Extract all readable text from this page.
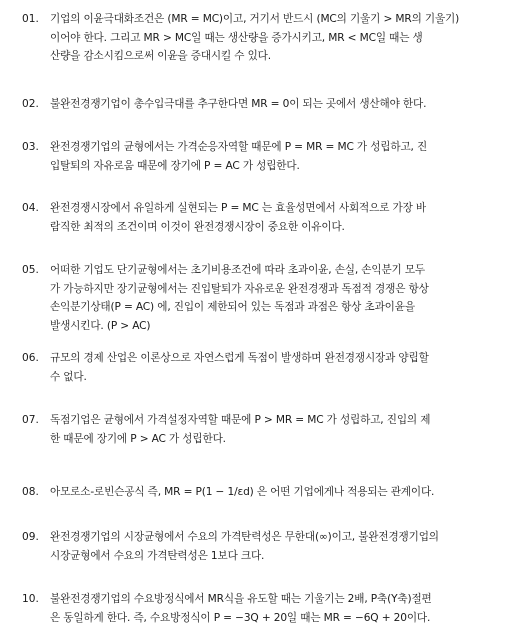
01.	기업의 이윤극대화조건은 (MR = MC)이고, 거기서 반드시 (MC의 기울기 > MR의 기울기)
이어야 한다. 그리고 MR > MC일 때는 생산량을 증가시키고, MR < MC일 때는 생
산량을 감소시킴으로써 이윤을 증대시킬 수 있다.
02.	불완전경쟁기업이 총수입극대를 추구한다면 MR = 0이 되는 곳에서 생산해야 한다.
03.	완전경쟁기업의 균형에서는 가격순응자역할 때문에 P = MR = MC 가 성립하고, 진
입탈퇴의 자유로움 때문에 장기에 P = AC 가 성립한다.
04.	완전경쟁시장에서 유일하게 실현되는 P = MC 는 효율성면에서 사회적으로 가장 바
람직한 최적의 조건이며 이것이 완전경쟁시장이 중요한 이유이다.
05.	어떠한 기업도 단기균형에서는 초기비용조건에 따라 초과이윤, 손실, 손익분기 모두
가 가능하지만 장기균형에서는 진입탈퇴가 자유로운 완전경쟁과 독점적 경쟁은 항상
손익분기상태(P = AC) 에, 진입이 제한되어 있는 독점과 과점은 항상 초과이윤을
발생시킨다. (P > AC)
06.	규모의 경제 산업은 이론상으로 자연스럽게 독점이 발생하며 완전경쟁시장과 양립할
수 없다.
07.	독점기업은 균형에서 가격설정자역할 때문에 P > MR = MC 가 성립하고, 진입의 제
한 때문에 장기에 P > AC 가 성립한다.
08.	아모로소-로빈슨공식 즉, MR = P(1 − 1/εd) 은 어떤 기업에게나 적용되는 관계이다.
09.	완전경쟁기업의 시장균형에서 수요의 가격탄력성은 무한대(∞)이고, 불완전경쟁기업의
시장균형에서 수요의 가격탄력성은 1보다 크다.
10.	불완전경쟁기업의 수요방정식에서 MR식을 유도할 때는 기울기는 2배, P축(Y축)절편
은 동일하게 한다. 즉, 수요방정식이 P = −3Q + 20일 때는 MR = −6Q + 20이다.
